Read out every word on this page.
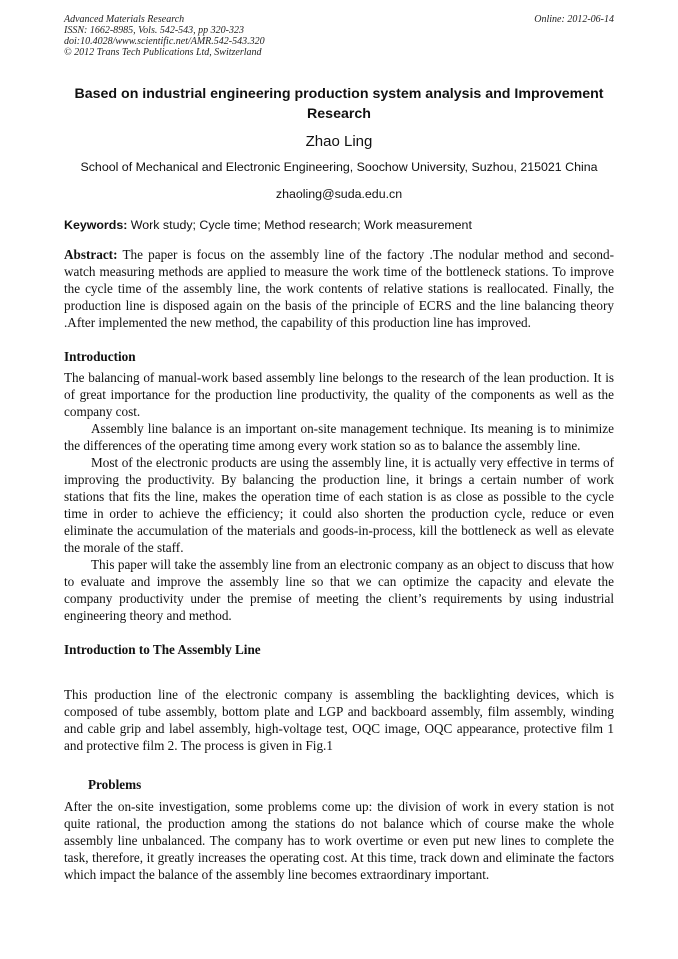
Advanced Materials Research
ISSN: 1662-8985, Vols. 542-543, pp 320-323
doi:10.4028/www.scientific.net/AMR.542-543.320
© 2012 Trans Tech Publications Ltd, Switzerland
Online: 2012-06-14
Based on industrial engineering production system analysis and Improvement Research
Zhao Ling
School of Mechanical and Electronic Engineering, Soochow University, Suzhou, 215021 China
zhaoling@suda.edu.cn
Keywords: Work study; Cycle time; Method research; Work measurement

Abstract: The paper is focus on the assembly line of the factory .The nodular method and second-watch measuring methods are applied to measure the work time of the bottleneck stations. To improve the cycle time of the assembly line, the work contents of relative stations is reallocated. Finally, the production line is disposed again on the basis of the principle of ECRS and the line balancing theory .After implemented the new method, the capability of this production line has improved.

Introduction

The balancing of manual-work based assembly line belongs to the research of the lean production. It is of great importance for the production line productivity, the quality of the components as well as the company cost.

Assembly line balance is an important on-site management technique. Its meaning is to minimize the differences of the operating time among every work station so as to balance the assembly line.

Most of the electronic products are using the assembly line, it is actually very effective in terms of improving the productivity. By balancing the production line, it brings a certain number of work stations that fits the line, makes the operation time of each station is as close as possible to the cycle time in order to achieve the efficiency; it could also shorten the production cycle, reduce or even eliminate the accumulation of the materials and goods-in-process, kill the bottleneck as well as elevate the morale of the staff.

This paper will take the assembly line from an electronic company as an object to discuss that how to evaluate and improve the assembly line so that we can optimize the capacity and elevate the company productivity under the premise of meeting the client’s requirements by using industrial engineering theory and method.

Introduction to The Assembly Line

This production line of the electronic company is assembling the backlighting devices, which is composed of tube assembly, bottom plate and LGP and backboard assembly, film assembly, winding and cable grip and label assembly, high-voltage test, OQC image, OQC appearance, protective film 1 and protective film 2. The process is given in Fig.1

Problems

After the on-site investigation, some problems come up: the division of work in every station is not quite rational, the production among the stations do not balance which of course make the whole assembly line unbalanced. The company has to work overtime or even put new lines to complete the task, therefore, it greatly increases the operating cost. At this time, track down and eliminate the factors which impact the balance of the assembly line becomes extraordinary important.
